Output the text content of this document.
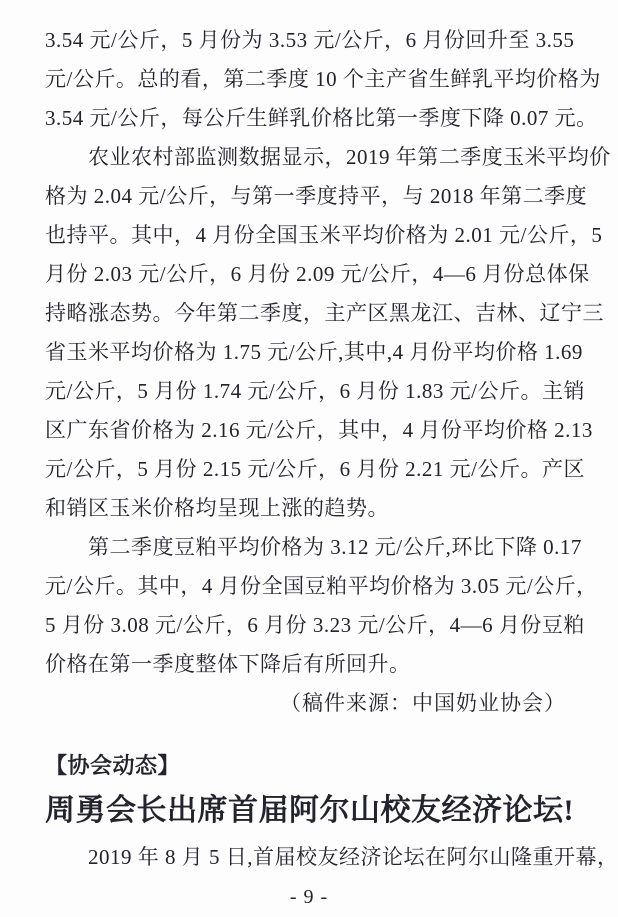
3.54 元/公斤，5 月份为 3.53 元/公斤，6 月份回升至 3.55
元/公斤。总的看，第二季度 10 个主产省生鲜乳平均价格为
3.54 元/公斤，每公斤生鲜乳价格比第一季度下降 0.07 元。
农业农村部监测数据显示，2019 年第二季度玉米平均价
格为 2.04 元/公斤，与第一季度持平，与 2018 年第二季度
也持平。其中，4 月份全国玉米平均价格为 2.01 元/公斤，5
月份 2.03 元/公斤，6 月份 2.09 元/公斤，4—6 月份总体保
持略涨态势。今年第二季度，主产区黑龙江、吉林、辽宁三
省玉米平均价格为 1.75 元/公斤,其中,4 月份平均价格 1.69
元/公斤，5 月份 1.74 元/公斤，6 月份 1.83 元/公斤。主销
区广东省价格为 2.16 元/公斤，其中，4 月份平均价格 2.13
元/公斤，5 月份 2.15 元/公斤，6 月份 2.21 元/公斤。产区
和销区玉米价格均呈现上涨的趋势。
第二季度豆粕平均价格为 3.12 元/公斤,环比下降 0.17
元/公斤。其中，4 月份全国豆粕平均价格为 3.05 元/公斤，
5 月份 3.08 元/公斤，6 月份 3.23 元/公斤，4—6 月份豆粕
价格在第一季度整体下降后有所回升。
（稿件来源：中国奶业协会）
【协会动态】
周勇会长出席首届阿尔山校友经济论坛!
2019 年 8 月 5 日,首届校友经济论坛在阿尔山隆重开幕，
- 9 -
